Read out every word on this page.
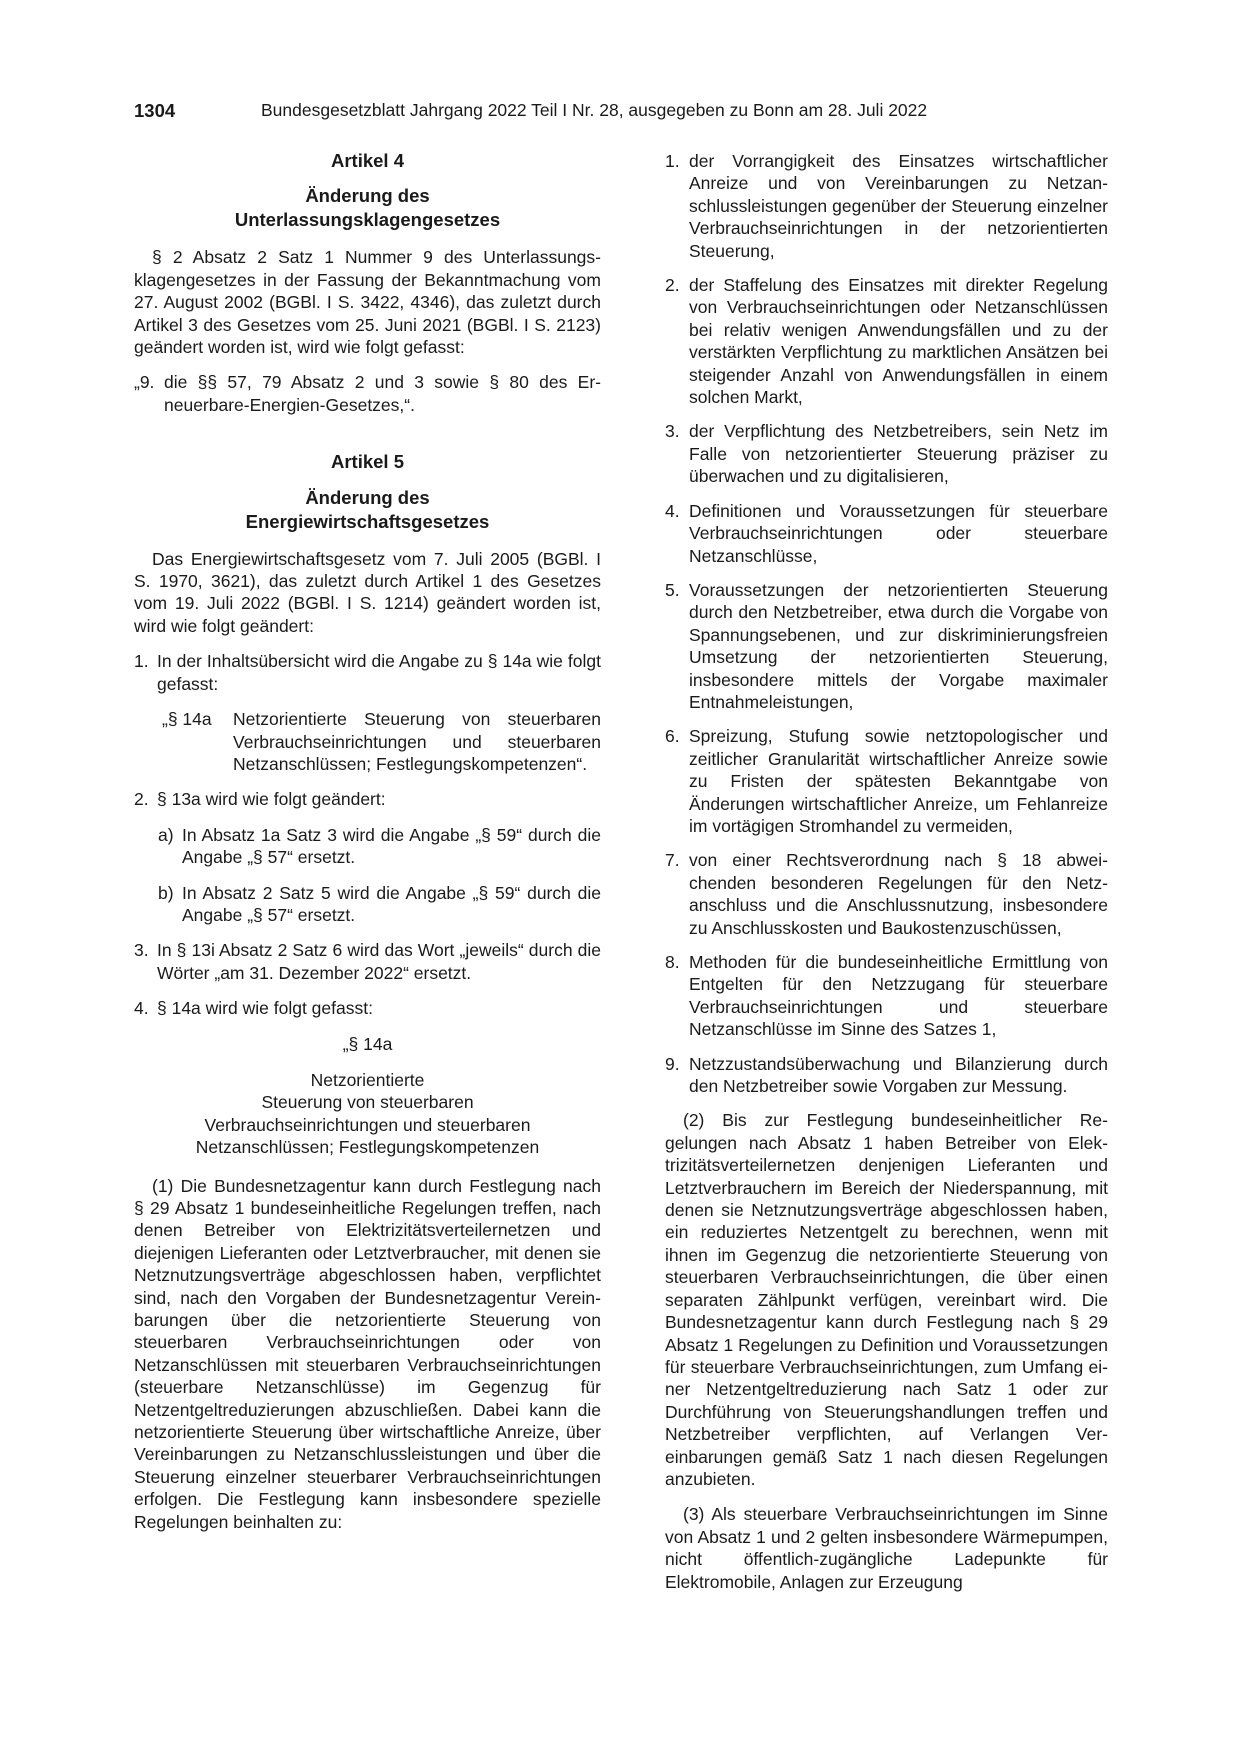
1304	Bundesgesetzblatt Jahrgang 2022 Teil I Nr. 28, ausgegeben zu Bonn am 28. Juli 2022
Artikel 4
Änderung des
Unterlassungsklagengesetzes

§ 2 Absatz 2 Satz 1 Nummer 9 des Unterlassungsklagengesetzes in der Fassung der Bekanntmachung vom 27. August 2002 (BGBl. I S. 3422, 4346), das zuletzt durch Artikel 3 des Gesetzes vom 25. Juni 2021 (BGBl. I S. 2123) geändert worden ist, wird wie folgt gefasst:

„9. die §§ 57, 79 Absatz 2 und 3 sowie § 80 des Erneuerbare-Energien-Gesetzes,“.
Artikel 5
Änderung des
Energiewirtschaftsgesetzes

Das Energiewirtschaftsgesetz vom 7. Juli 2005 (BGBl. I S. 1970, 3621), das zuletzt durch Artikel 1 des Gesetzes vom 19. Juli 2022 (BGBl. I S. 1214) geändert worden ist, wird wie folgt geändert:

1. In der Inhaltsübersicht wird die Angabe zu § 14a wie folgt gefasst:
„§ 14a	Netzorientierte Steuerung von steuerbaren Verbrauchseinrichtungen und steuerbaren Netzanschlüssen; Festlegungskompetenzen“.
2. § 13a wird wie folgt geändert:
a) In Absatz 1a Satz 3 wird die Angabe „§ 59“ durch die Angabe „§ 57“ ersetzt.
b) In Absatz 2 Satz 5 wird die Angabe „§ 59“ durch die Angabe „§ 57“ ersetzt.
3. In § 13i Absatz 2 Satz 6 wird das Wort „jeweils“ durch die Wörter „am 31. Dezember 2022“ ersetzt.
4. § 14a wird wie folgt gefasst:
„§ 14a
Netzorientierte
Steuerung von steuerbaren
Verbrauchseinrichtungen und steuerbaren
Netzanschlüssen; Festlegungskompetenzen

(1) Die Bundesnetzagentur kann durch Festlegung nach § 29 Absatz 1 bundeseinheitliche Regelungen treffen, nach denen Betreiber von Elektrizitätsverteilernetzen und diejenigen Lieferanten oder Letztverbraucher, mit denen sie Netznutzungsverträge abgeschlossen haben, verpflichtet sind, nach den Vorgaben der Bundesnetzagentur Vereinbarungen über die netzorientierte Steuerung von steuerbaren Verbrauchseinrichtungen oder von Netzanschlüssen mit steuerbaren Verbrauchseinrichtungen (steuerbare Netzanschlüsse) im Gegenzug für Netzentgeltreduzierungen abzuschließen. Dabei kann die netzorientierte Steuerung über wirtschaftliche Anreize, über Vereinbarungen zu Netzanschlussleistungen und über die Steuerung einzelner steuerbarer Verbrauchseinrichtungen erfolgen. Die Festlegung kann insbesondere spezielle Regelungen beinhalten zu:

1. der Vorrangigkeit des Einsatzes wirtschaftlicher Anreize und von Vereinbarungen zu Netzanschlussleistungen gegenüber der Steuerung einzelner Verbrauchseinrichtungen in der netzorientierten Steuerung,
2. der Staffelung des Einsatzes mit direkter Regelung von Verbrauchseinrichtungen oder Netzanschlüssen bei relativ wenigen Anwendungsfällen und zu der verstärkten Verpflichtung zu marktlichen Ansätzen bei steigender Anzahl von Anwendungsfällen in einem solchen Markt,
3. der Verpflichtung des Netzbetreibers, sein Netz im Falle von netzorientierter Steuerung präziser zu überwachen und zu digitalisieren,
4. Definitionen und Voraussetzungen für steuerbare Verbrauchseinrichtungen oder steuerbare Netzanschlüsse,
5. Voraussetzungen der netzorientierten Steuerung durch den Netzbetreiber, etwa durch die Vorgabe von Spannungsebenen, und zur diskriminierungsfreien Umsetzung der netzorientierten Steuerung, insbesondere mittels der Vorgabe maximaler Entnahmeleistungen,
6. Spreizung, Stufung sowie netztopologischer und zeitlicher Granularität wirtschaftlicher Anreize sowie zu Fristen der spätesten Bekanntgabe von Änderungen wirtschaftlicher Anreize, um Fehlanreize im vortägigen Stromhandel zu vermeiden,
7. von einer Rechtsverordnung nach § 18 abweichenden besonderen Regelungen für den Netzanschluss und die Anschlussnutzung, insbesondere zu Anschlusskosten und Baukostenzuschüssen,
8. Methoden für die bundeseinheitliche Ermittlung von Entgelten für den Netzzugang für steuerbare Verbrauchseinrichtungen und steuerbare Netzanschlüsse im Sinne des Satzes 1,
9. Netzzustandsüberwachung und Bilanzierung durch den Netzbetreiber sowie Vorgaben zur Messung.

(2) Bis zur Festlegung bundeseinheitlicher Regelungen nach Absatz 1 haben Betreiber von Elektrizitätsverteilernetzen denjenigen Lieferanten und Letztverbrauchern im Bereich der Niederspannung, mit denen sie Netznutzungsverträge abgeschlossen haben, ein reduziertes Netzentgelt zu berechnen, wenn mit ihnen im Gegenzug die netzorientierte Steuerung von steuerbaren Verbrauchseinrichtungen, die über einen separaten Zählpunkt verfügen, vereinbart wird. Die Bundesnetzagentur kann durch Festlegung nach § 29 Absatz 1 Regelungen zu Definition und Voraussetzungen für steuerbare Verbrauchseinrichtungen, zum Umfang einer Netzentgeltreduzierung nach Satz 1 oder zur Durchführung von Steuerungshandlungen treffen und Netzbetreiber verpflichten, auf Verlangen Vereinbarungen gemäß Satz 1 nach diesen Regelungen anzubieten.

(3) Als steuerbare Verbrauchseinrichtungen im Sinne von Absatz 1 und 2 gelten insbesondere Wärmepumpen, nicht öffentlich-zugängliche Ladepunkte für Elektromobile, Anlagen zur Erzeugung
